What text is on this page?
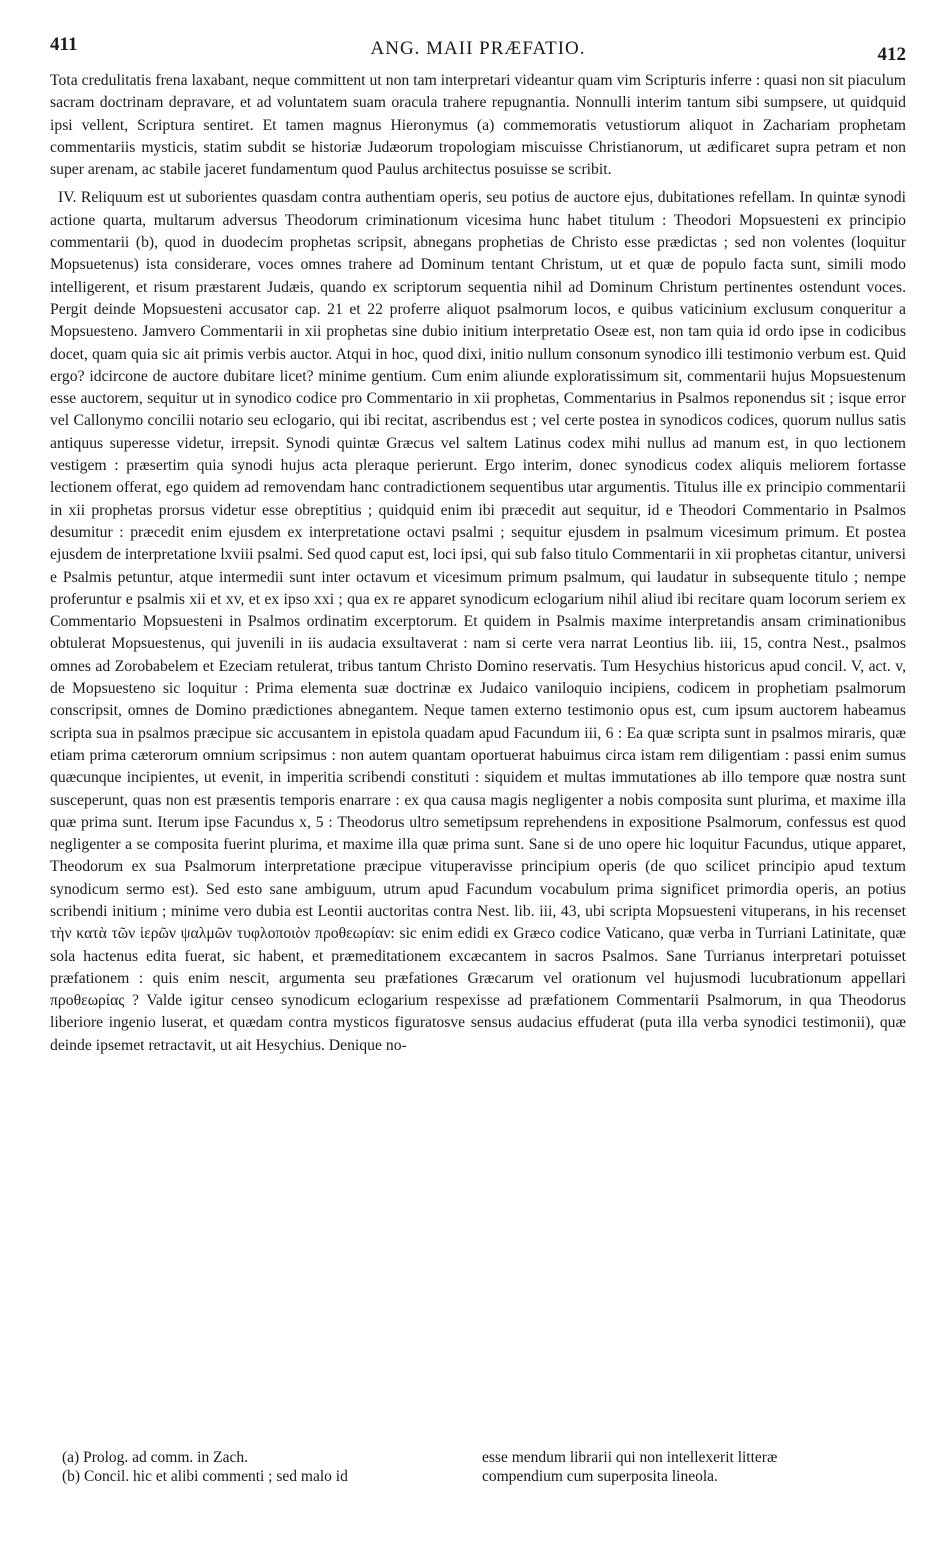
411	ANG. MAII PRÆFATIO.	412

Tota credulitatis frena laxabant, neque committent ut non tam interpretari videantur quam vim Scripturis inferre : quasi non sit piaculum sacram doctrinam depravare, et ad voluntatem suam oracula trahere repugnantia. Nonnulli interim tantum sibi sumpsere, ut quidquid ipsi vellent, Scriptura sentiret. Et tamen magnus Hieronymus (a) commemoratis vetustiorum aliquot in Zachariam prophetam commentariis mysticis, statim subdit se historiæ Judæorum tropologiam miscuisse Christianorum, ut ædificaret supra petram et non super arenam, ac stabile jaceret fundamentum quod Paulus architectus posuisse se scribit.

IV. Reliquum est ut suborientes quasdam contra authentiam operis, seu potius de auctore ejus, dubitationes refellam. In quintæ synodi actione quarta, multarum adversus Theodorum criminationum vicesima hunc habet titulum : Theodori Mopsuesteni ex principio commentarii (b), quod in duodecim prophetas scripsit, abnegans prophetias de Christo esse prædictas ; sed non volentes (loquitur Mopsuetenus) ista considerare, voces omnes trahere ad Dominum tentant Christum, ut et quæ de populo facta sunt, simili modo intelligerent, et risum præstarent Judæis, quando ex scriptorum sequentia nihil ad Dominum Christum pertinentes ostendunt voces. Pergit deinde Mopsuesteni accusator cap. 21 et 22 proferre aliquot psalmorum locos, e quibus vaticinium exclusum conqueritur a Mopsuesteno. Jamvero Commentarii in xii prophetas sine dubio initium interpretatio Oseæ est, non tam quia id ordo ipse in codicibus docet, quam quia sic ait primis verbis auctor. Atqui in hoc, quod dixi, initio nullum consonum synodico illi testimonio verbum est. Quid ergo? idcircone de auctore dubitare licet? minime gentium. Cum enim aliunde exploratissimum sit, commentarii hujus Mopsuestenum esse auctorem, sequitur ut in synodico codice pro Commentario in xii prophetas, Commentarius in Psalmos reponendus sit ; isque error vel Callonymo concilii notario seu eclogario, qui ibi recitat, ascribendus est ; vel certe postea in synodicos codices, quorum nullus satis antiquus superesse videtur, irrepsit. Synodi quintæ Græcus vel saltem Latinus codex mihi nullus ad manum est, in quo lectionem vestigem : præsertim quia synodi hujus acta pleraque perierunt. Ergo interim, donec synodicus codex aliquis meliorem fortasse lectionem offerat, ego quidem ad removendam hanc contradictionem sequentibus utar argumentis. Titulus ille ex principio commentarii in xii prophetas prorsus videtur esse obreptitius ; quidquid enim ibi præcedit aut sequitur, id e Theodori Commentario in Psalmos desumitur : præcedit enim ejusdem ex interpretatione octavi psalmi ; sequitur ejusdem in psalmum vicesimum primum. Et postea ejusdem de interpretatione lxviii psalmi. Sed quod caput est, loci ipsi, qui sub falso titulo Commentarii in xii prophetas citantur, universi e Psalmis petuntur, atque intermedii sunt inter octavum et vicesimum primum psalmum, qui laudatur in subsequente titulo ; nempe proferuntur e psalmis xii et xv, et ex ipso xxi ; qua ex re apparet synodicum eclogarium nihil aliud ibi recitare quam locorum seriem ex Commentario Mopsuesteni in Psalmos ordinatim excerptorum. Et quidem in Psalmis maxime interpretandis ansam criminationibus obtulerat Mopsuestenus, qui juvenili in iis audacia exsultaverat : nam si certe vera narrat Leontius lib. iii, 15, contra Nest., psalmos omnes ad Zorobabelem et Ezeciam retulerat, tribus tantum Christo Domino reservatis. Tum Hesychius historicus apud concil. V, act. v, de Mopsuesteno sic loquitur : Prima elementa suæ doctrinæ ex Judaico vaniloquio incipiens, codicem in prophetiam psalmorum conscripsit, omnes de Domino prædictiones abnegantem. Neque tamen externo testimonio opus est, cum ipsum auctorem habeamus scripta sua in psalmos præcipue sic accusantem in epistola quadam apud Facundum iii, 6 : Ea quæ scripta sunt in psalmos miraris, quæ etiam prima cæterorum omnium scripsimus : non autem quantam oportuerat habuimus circa istam rem diligentiam : passi enim sumus quæcunque incipientes, ut evenit, in imperitia scribendi constituti : siquidem et multas immutationes ab illo tempore quæ nostra sunt susceperunt, quas non est præsentis temporis enarrare : ex qua causa magis negligenter a nobis composita sunt plurima, et maxime illa quæ prima sunt. Iterum ipse Facundus x, 5 : Theodorus ultro semetipsum reprehendens in expositione Psalmorum, confessus est quod negligenter a se composita fuerint plurima, et maxime illa quæ prima sunt. Sane si de uno opere hic loquitur Facundus, utique apparet, Theodorum ex sua Psalmorum interpretatione præcipue vituperavisse principium operis (de quo scilicet principio apud textum synodicum sermo est). Sed esto sane ambiguum, utrum apud Facundum vocabulum prima significet primordia operis, an potius scribendi initium ; minime vero dubia est Leontii auctoritas contra Nest. lib. iii, 43, ubi scripta Mopsuesteni vituperans, in his recenset τὴν κατὰ τῶν ἱερῶν ψαλμῶν τυφλοποιὸν προθεωρίαν: sic enim edidi ex Græco codice Vaticano, quæ verba in Turriani Latinitate, quæ sola hactenus edita fuerat, sic habent, et præmeditationem excæcantem in sacros Psalmos. Sane Turrianus interpretari potuisset præfationem : quis enim nescit, argumenta seu præfationes Græcarum vel orationum vel hujusmodi lucubrationum appellari προθεωρίας ? Valde igitur censeo synodicum eclogarium respexisse ad præfationem Commentarii Psalmorum, in qua Theodorus liberiore ingenio luserat, et quædam contra mysticos figuratosve sensus audacius effuderat (puta illa verba synodici testimonii), quæ deinde ipsemet retractavit, ut ait Hesychius. Denique no-

(a) Prolog. ad comm. in Zach.
(b) Concil. hic et alibi commenti ; sed malo id
esse mendum librarii qui non intellexerit litteræ
compendium cum superposita lineola.
